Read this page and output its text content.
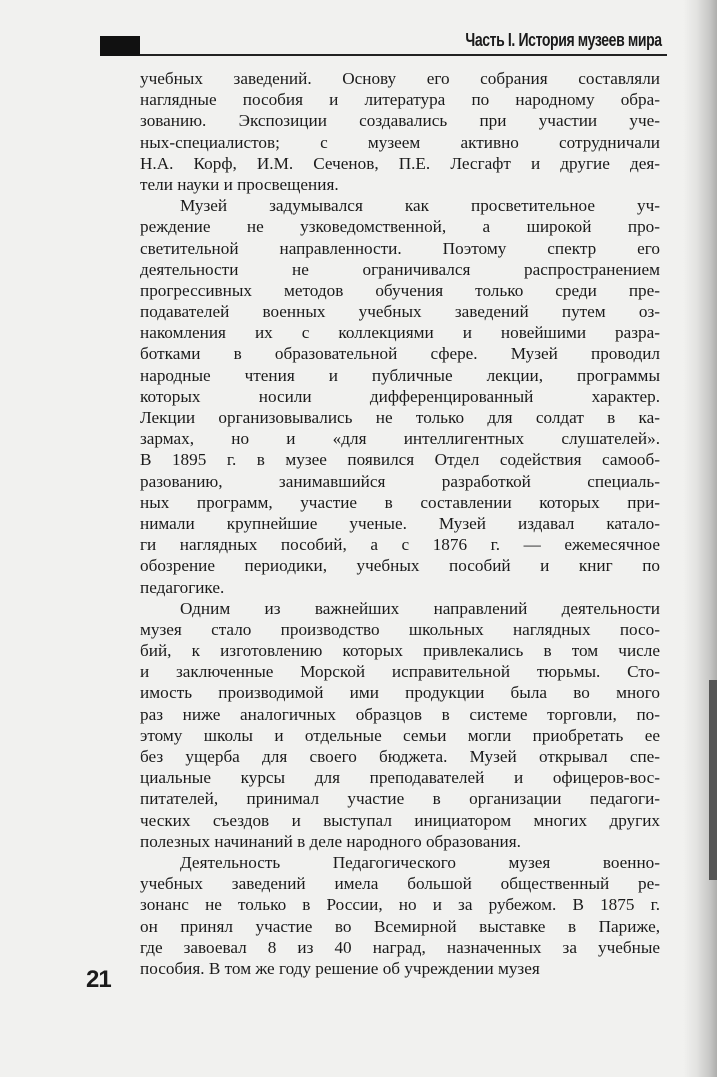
Часть I. История музеев мира
учебных заведений. Основу его собрания составляли
наглядные пособия и литература по народному обра-
зованию. Экспозиции создавались при участии уче-
ных-специалистов; с музеем активно сотрудничали
Н.А. Корф, И.М. Сеченов, П.Е. Лесгафт и другие дея-
тели науки и просвещения.
Музей задумывался как просветительное уч-
реждение не узковедомственной, а широкой про-
светительной направленности. Поэтому спектр его
деятельности не ограничивался распространением
прогрессивных методов обучения только среди пре-
подавателей военных учебных заведений путем оз-
накомления их с коллекциями и новейшими разра-
ботками в образовательной сфере. Музей проводил
народные чтения и публичные лекции, программы
которых носили дифференцированный характер.
Лекции организовывались не только для солдат в ка-
зармах, но и «для интеллигентных слушателей».
В 1895 г. в музее появился Отдел содействия самооб-
разованию, занимавшийся разработкой специаль-
ных программ, участие в составлении которых при-
нимали крупнейшие ученые. Музей издавал катало-
ги наглядных пособий, а с 1876 г. — ежемесячное
обозрение периодики, учебных пособий и книг по
педагогике.
Одним из важнейших направлений деятельности
музея стало производство школьных наглядных посо-
бий, к изготовлению которых привлекались в том числе
и заключенные Морской исправительной тюрьмы. Сто-
имость производимой ими продукции была во много
раз ниже аналогичных образцов в системе торговли, по-
этому школы и отдельные семьи могли приобретать ее
без ущерба для своего бюджета. Музей открывал спе-
циальные курсы для преподавателей и офицеров-вос-
питателей, принимал участие в организации педагоги-
ческих съездов и выступал инициатором многих других
полезных начинаний в деле народного образования.
Деятельность Педагогического музея военно-
учебных заведений имела большой общественный ре-
зонанс не только в России, но и за рубежом. В 1875 г.
он принял участие во Всемирной выставке в Париже,
где завоевал 8 из 40 наград, назначенных за учебные
пособия. В том же году решение об учреждении музея
21
